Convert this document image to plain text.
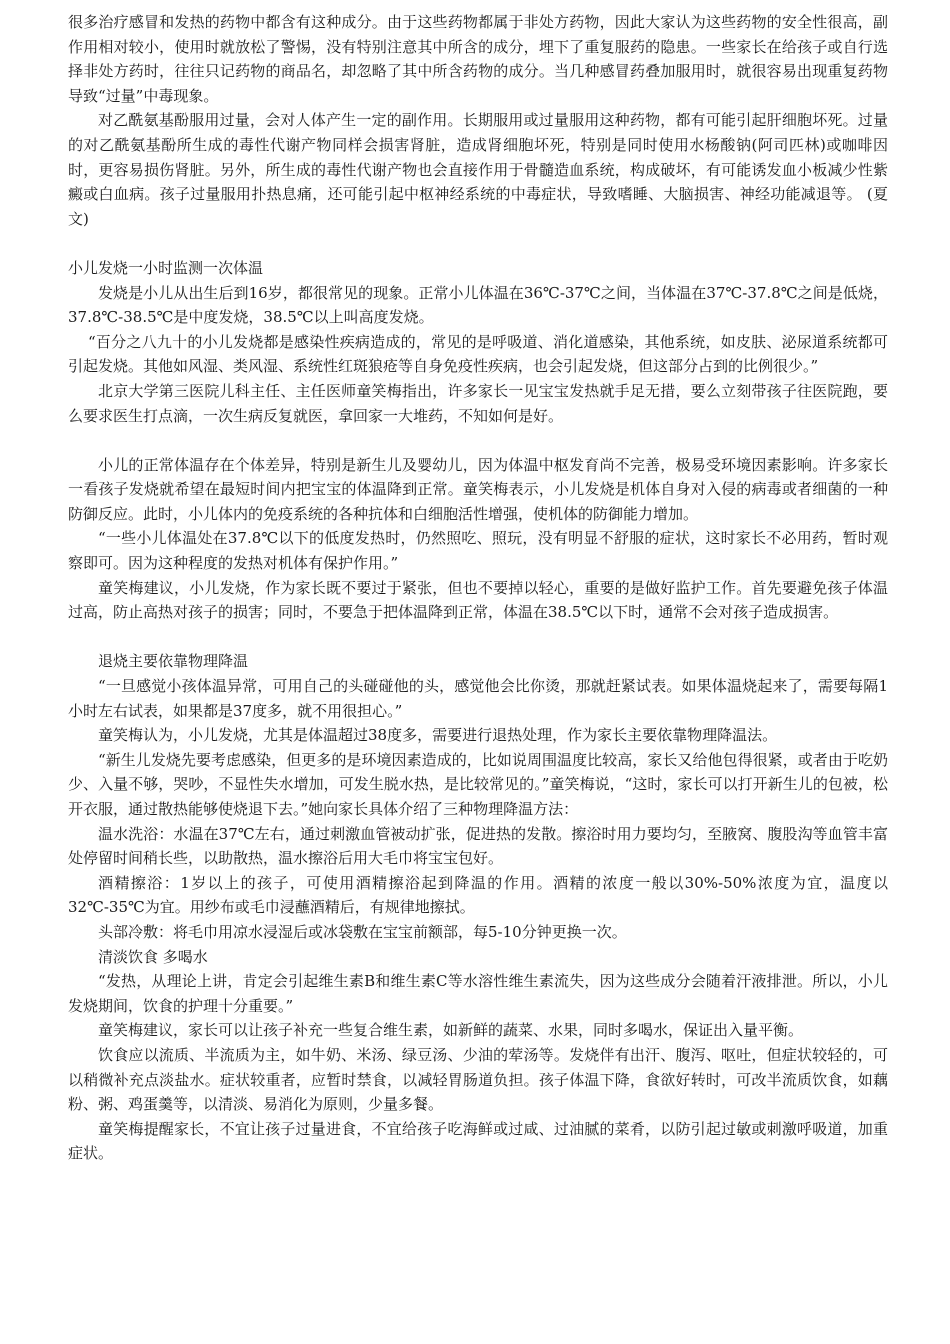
很多治疗感冒和发热的药物中都含有这种成分。由于这些药物都属于非处方药物，因此大家认为这些药物的安全性很高，副作用相对较小，使用时就放松了警惕，没有特别注意其中所含的成分，埋下了重复服药的隐患。一些家长在给孩子或自行选择非处方药时，往往只记药物的商品名，却忽略了其中所含药物的成分。当几种感冒药叠加服用时，就很容易出现重复药物导致“过量”中毒现象。

对乙酰氨基酚服用过量，会对人体产生一定的副作用。长期服用或过量服用这种药物，都有可能引起肝细胞坏死。过量的对乙酰氨基酚所生成的毒性代谢产物同样会损害肾脏，造成肾细胞坏死，特别是同时使用水杨酸钠(阿司匹林)或咖啡因时，更容易损伤肾脏。另外，所生成的毒性代谢产物也会直接作用于骨髓造血系统，构成破坏，有可能诱发血小板减少性紫癜或白血病。孩子过量服用扑热息痛，还可能引起中枢神经系统的中毒症状，导致嗜睡、大脑损害、神经功能减退等。 (夏文)

小儿发烧一小时监测一次体温

发烧是小儿从出生后到16岁，都很常见的现象。正常小儿体温在36℃-37℃之间，当体温在37℃-37.8℃之间是低烧，37.8℃-38.5℃是中度发烧，38.5℃以上叫高度发烧。

“百分之八九十的小儿发烧都是感染性疾病造成的，常见的是呼吸道、消化道感染，其他系统，如皮肤、泌尿道系统都可引起发烧。其他如风湿、类风湿、系统性红斑狼疮等自身免疫性疾病，也会引起发烧，但这部分占到的比例很少。”

北京大学第三医院儿科主任、主任医师童笑梅指出，许多家长一见宝宝发热就手足无措，要么立刻带孩子往医院跑，要么要求医生打点滴，一次生病反复就医，拿回家一大堆药，不知如何是好。

小儿的正常体温存在个体差异，特别是新生儿及婴幼儿，因为体温中枢发育尚不完善，极易受环境因素影响。许多家长一看孩子发烧就希望在最短时间内把宝宝的体温降到正常。童笑梅表示，小儿发烧是机体自身对入侵的病毒或者细菌的一种防御反应。此时，小儿体内的免疫系统的各种抗体和白细胞活性增强，使机体的防御能力增加。

“一些小儿体温处在37.8℃以下的低度发热时，仍然照吃、照玩，没有明显不舒服的症状，这时家长不必用药，暂时观察即可。因为这种程度的发热对机体有保护作用。”

童笑梅建议，小儿发烧，作为家长既不要过于紧张，但也不要掉以轻心，重要的是做好监护工作。首先要避免孩子体温过高，防止高热对孩子的损害；同时，不要急于把体温降到正常，体温在38.5℃以下时，通常不会对孩子造成损害。

退烧主要依靠物理降温

“一旦感觉小孩体温异常，可用自己的头碰碰他的头，感觉他会比你烫，那就赶紧试表。如果体温烧起来了，需要每隔1小时左右试表，如果都是37度多，就不用很担心。”

童笑梅认为，小儿发烧，尤其是体温超过38度多，需要进行退热处理，作为家长主要依靠物理降温法。

“新生儿发烧先要考虑感染，但更多的是环境因素造成的，比如说周围温度比较高，家长又给他包得很紧，或者由于吃奶少、入量不够，哭吵，不显性失水增加，可发生脱水热，是比较常见的。”童笑梅说，“这时，家长可以打开新生儿的包被，松开衣服，通过散热能够使烧退下去。”她向家长具体介绍了三种物理降温方法：

温水洗浴：水温在37℃左右，通过刺激血管被动扩张，促进热的发散。擦浴时用力要均匀，至腋窝、腹股沟等血管丰富处停留时间稍长些，以助散热，温水擦浴后用大毛巾将宝宝包好。

酒精擦浴：1岁以上的孩子，可使用酒精擦浴起到降温的作用。酒精的浓度一般以30%-50%浓度为宜，温度以32℃-35℃为宜。用纱布或毛巾浸蘸酒精后，有规律地擦拭。

头部冷敷：将毛巾用凉水浸湿后或冰袋敷在宝宝前额部，每5-10分钟更换一次。

清淡饮食 多喝水

“发热，从理论上讲，肯定会引起维生素B和维生素C等水溶性维生素流失，因为这些成分会随着汗液排泄。所以，小儿发烧期间，饮食的护理十分重要。”

童笑梅建议，家长可以让孩子补充一些复合维生素，如新鲜的蔬菜、水果，同时多喝水，保证出入量平衡。

饮食应以流质、半流质为主，如牛奶、米汤、绿豆汤、少油的荤汤等。发烧伴有出汗、腹泻、呕吐，但症状较轻的，可以稍微补充点淡盐水。症状较重者，应暂时禁食，以减轻胃肠道负担。孩子体温下降，食欲好转时，可改半流质饮食，如藕粉、粥、鸡蛋羹等，以清淡、易消化为原则，少量多餐。

童笑梅提醒家长，不宜让孩子过量进食，不宜给孩子吃海鲜或过咸、过油腻的菜肴，以防引起过敏或刺激呼吸道，加重症状。
